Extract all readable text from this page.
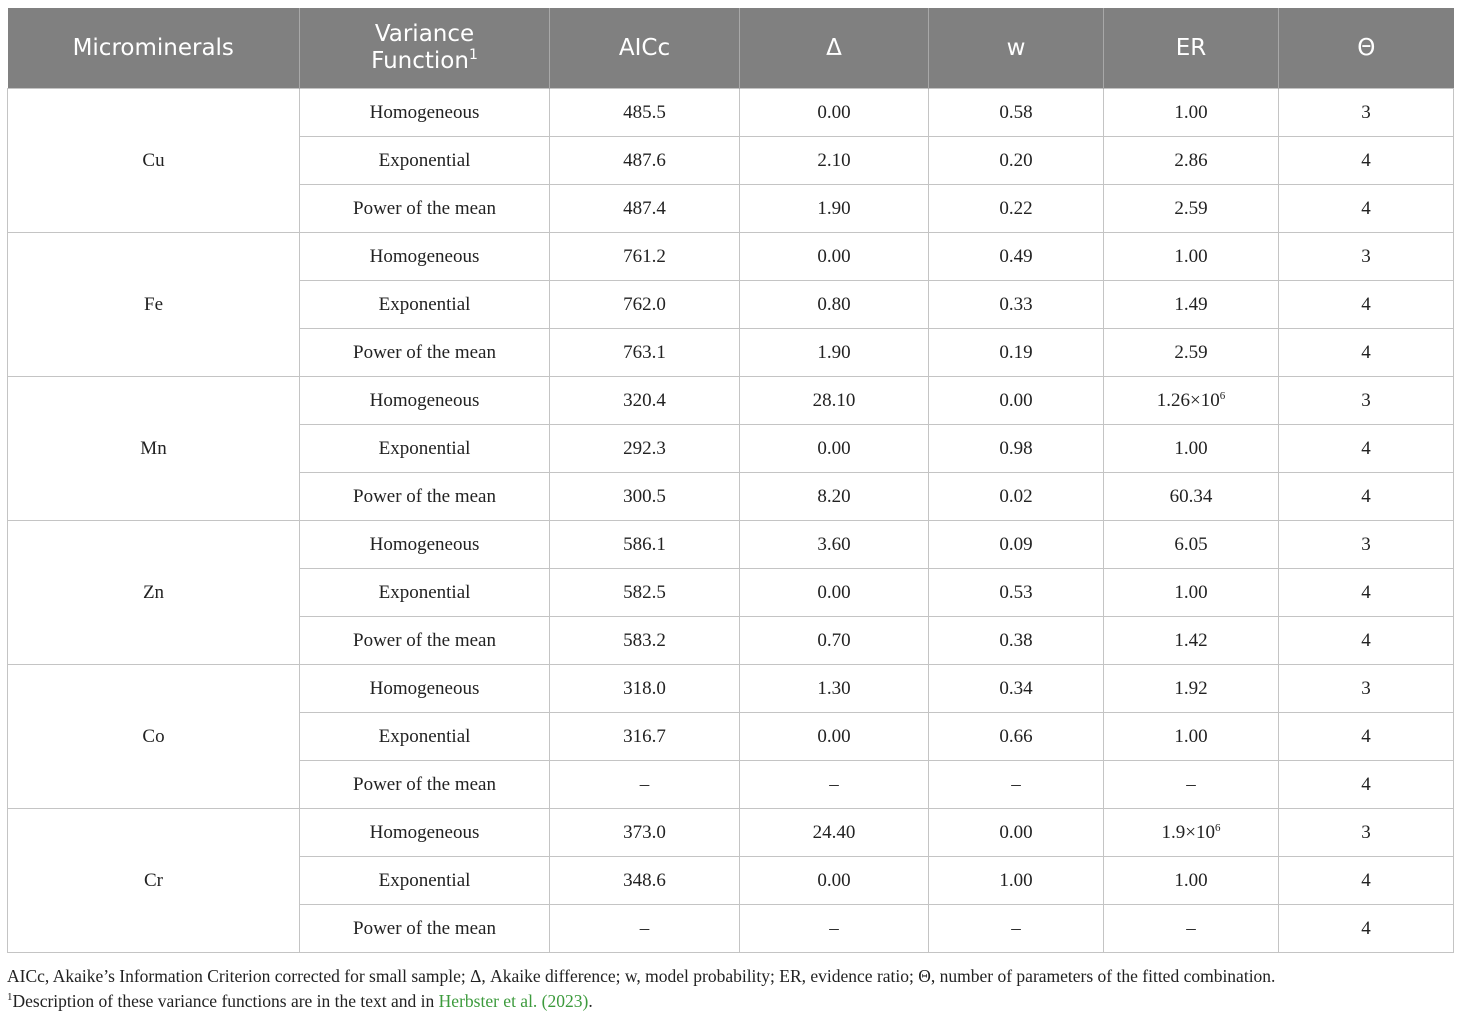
Microminerals	Variance
Function$^1$	AICc	Δ	w	ER	Θ
Cu	Homogeneous	485.5	0.00	0.58	1.00	3
	Exponential	487.6	2.10	0.20	2.86	4
	Power of the mean	487.4	1.90	0.22	2.59	4
Fe	Homogeneous	761.2	0.00	0.49	1.00	3
	Exponential	762.0	0.80	0.33	1.49	4
	Power of the mean	763.1	1.90	0.19	2.59	4
Mn	Homogeneous	320.4	28.10	0.00	$1.26\times 10^6$	3
	Exponential	292.3	0.00	0.98	1.00	4
	Power of the mean	300.5	8.20	0.02	60.34	4
Zn	Homogeneous	586.1	3.60	0.09	6.05	3
	Exponential	582.5	0.00	0.53	1.00	4
	Power of the mean	583.2	0.70	0.38	1.42	4
Co	Homogeneous	318.0	1.30	0.34	1.92	3
	Exponential	316.7	0.00	0.66	1.00	4
	Power of the mean	–	–	–	–	4
Cr	Homogeneous	373.0	24.40	0.00	$1.9\times 10^6$	3
	Exponential	348.6	0.00	1.00	1.00	4
	Power of the mean	–	–	–	–	4
AICc, Akaike’s Information Criterion corrected for small sample; Δ, Akaike difference; w, model probability; ER, evidence ratio; Θ, number of parameters of the fitted combination.
$^1$Description of these variance functions are in the text and in Herbster et al. (2023).
